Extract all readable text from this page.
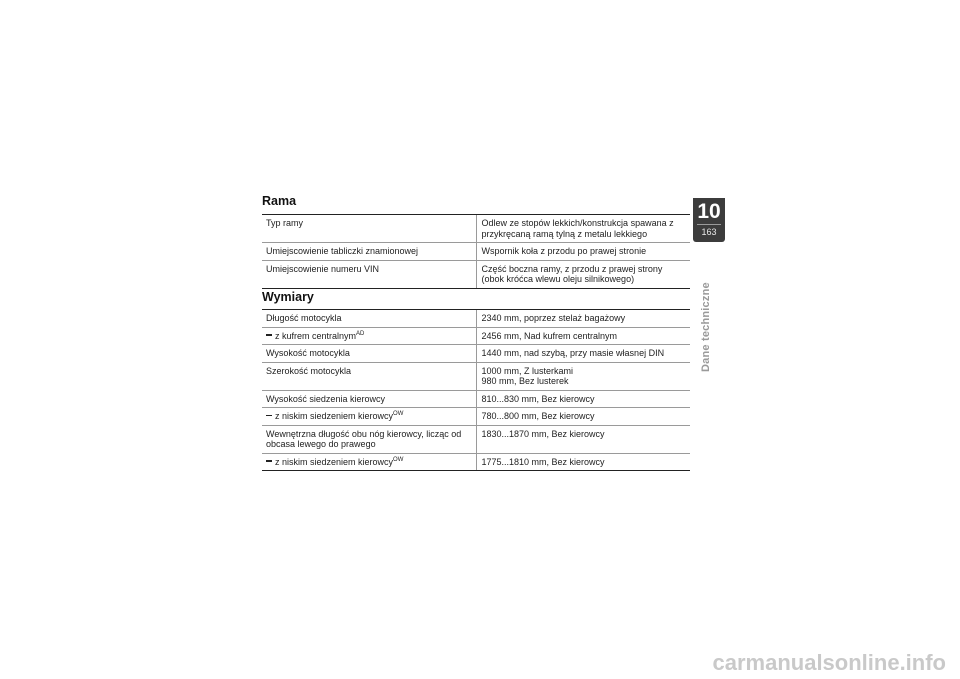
Rama
Typ ramy	Odlew ze stopów lekkich/konstrukcja spawana z przykręcaną ramą tylną z metalu lekkiego
Umiejscowienie tabliczki znamionowej	Wspornik koła z przodu po prawej stronie
Umiejscowienie numeru VIN	Część boczna ramy, z przodu z prawej strony (obok króćca wlewu oleju silnikowego)
Wymiary
Długość motocykla	2340 mm, poprzez stelaż bagażowy
z kufrem centralnym$^{AD}$	2456 mm, Nad kufrem centralnym
Wysokość motocykla	1440 mm, nad szybą, przy masie własnej DIN
Szerokość motocykla	1000 mm, Z lusterkami
980 mm, Bez lusterek

Wysokość siedzenia kierowcy	810...830 mm, Bez kierowcy
z niskim siedzeniem kierowcy$^{OW}$	780...800 mm, Bez kierowcy
Wewnętrzna długość obu nóg kierowcy, licząc od obcasa lewego do prawego	1830...1870 mm, Bez kierowcy
z niskim siedzeniem kierowcy$^{OW}$	1775...1810 mm, Bez kierowcy
10
163
Dane techniczne
carmanualsonline.info
